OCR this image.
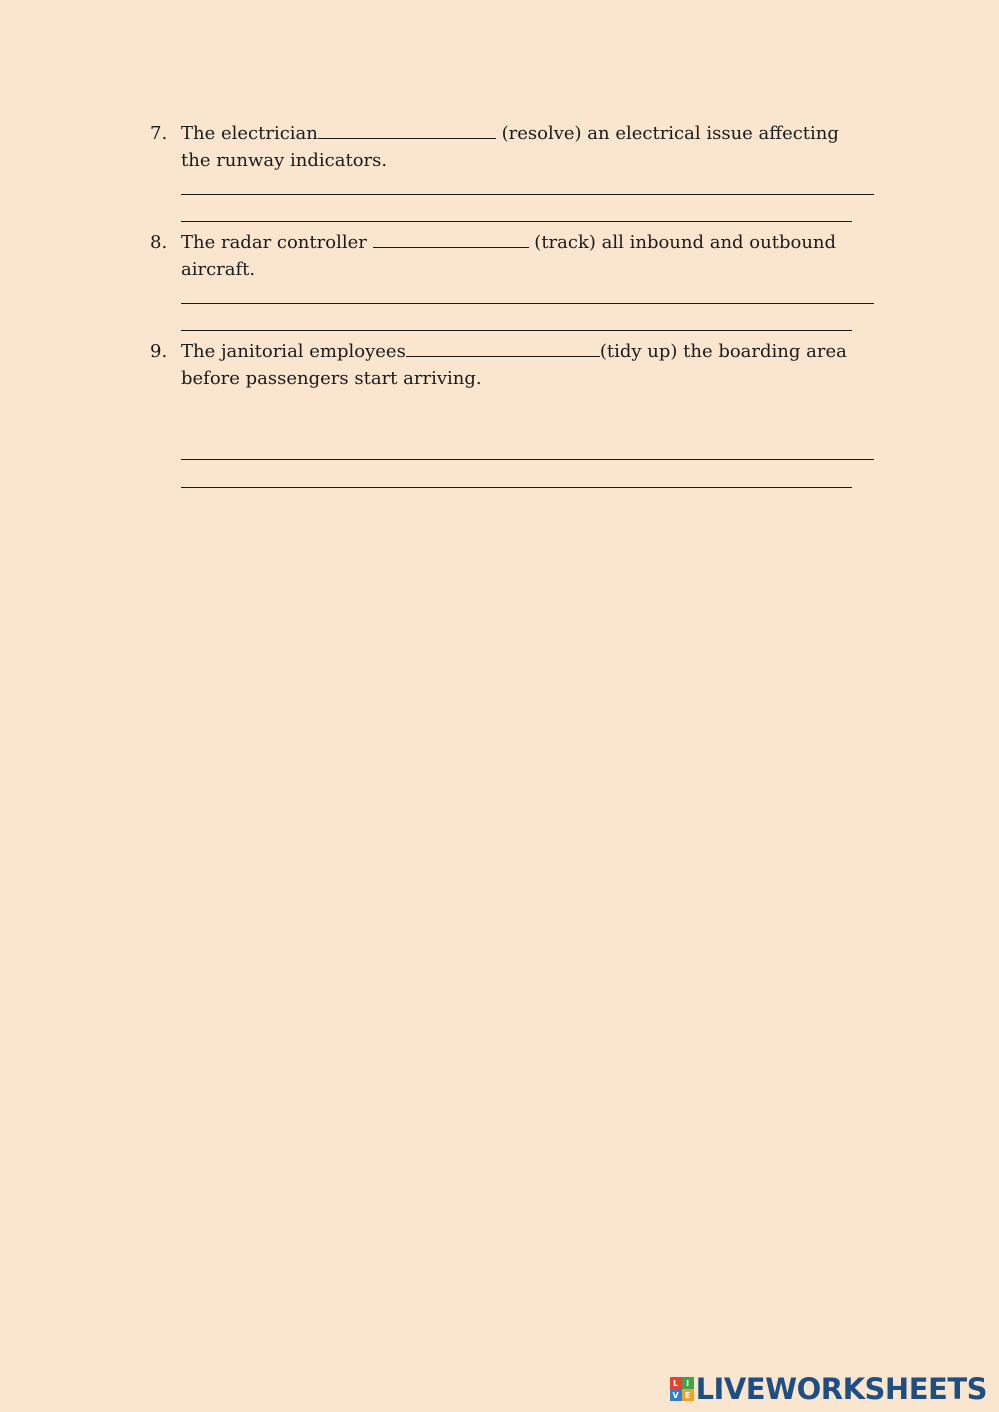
7. The electrician	(resolve) an electrical issue affecting the runway indicators.
8. The radar controller	(track) all inbound and outbound aircraft.
9. The janitorial employees	(tidy up) the boarding area before passengers start arriving.
L I
V E LIVEWORKSHEETS
